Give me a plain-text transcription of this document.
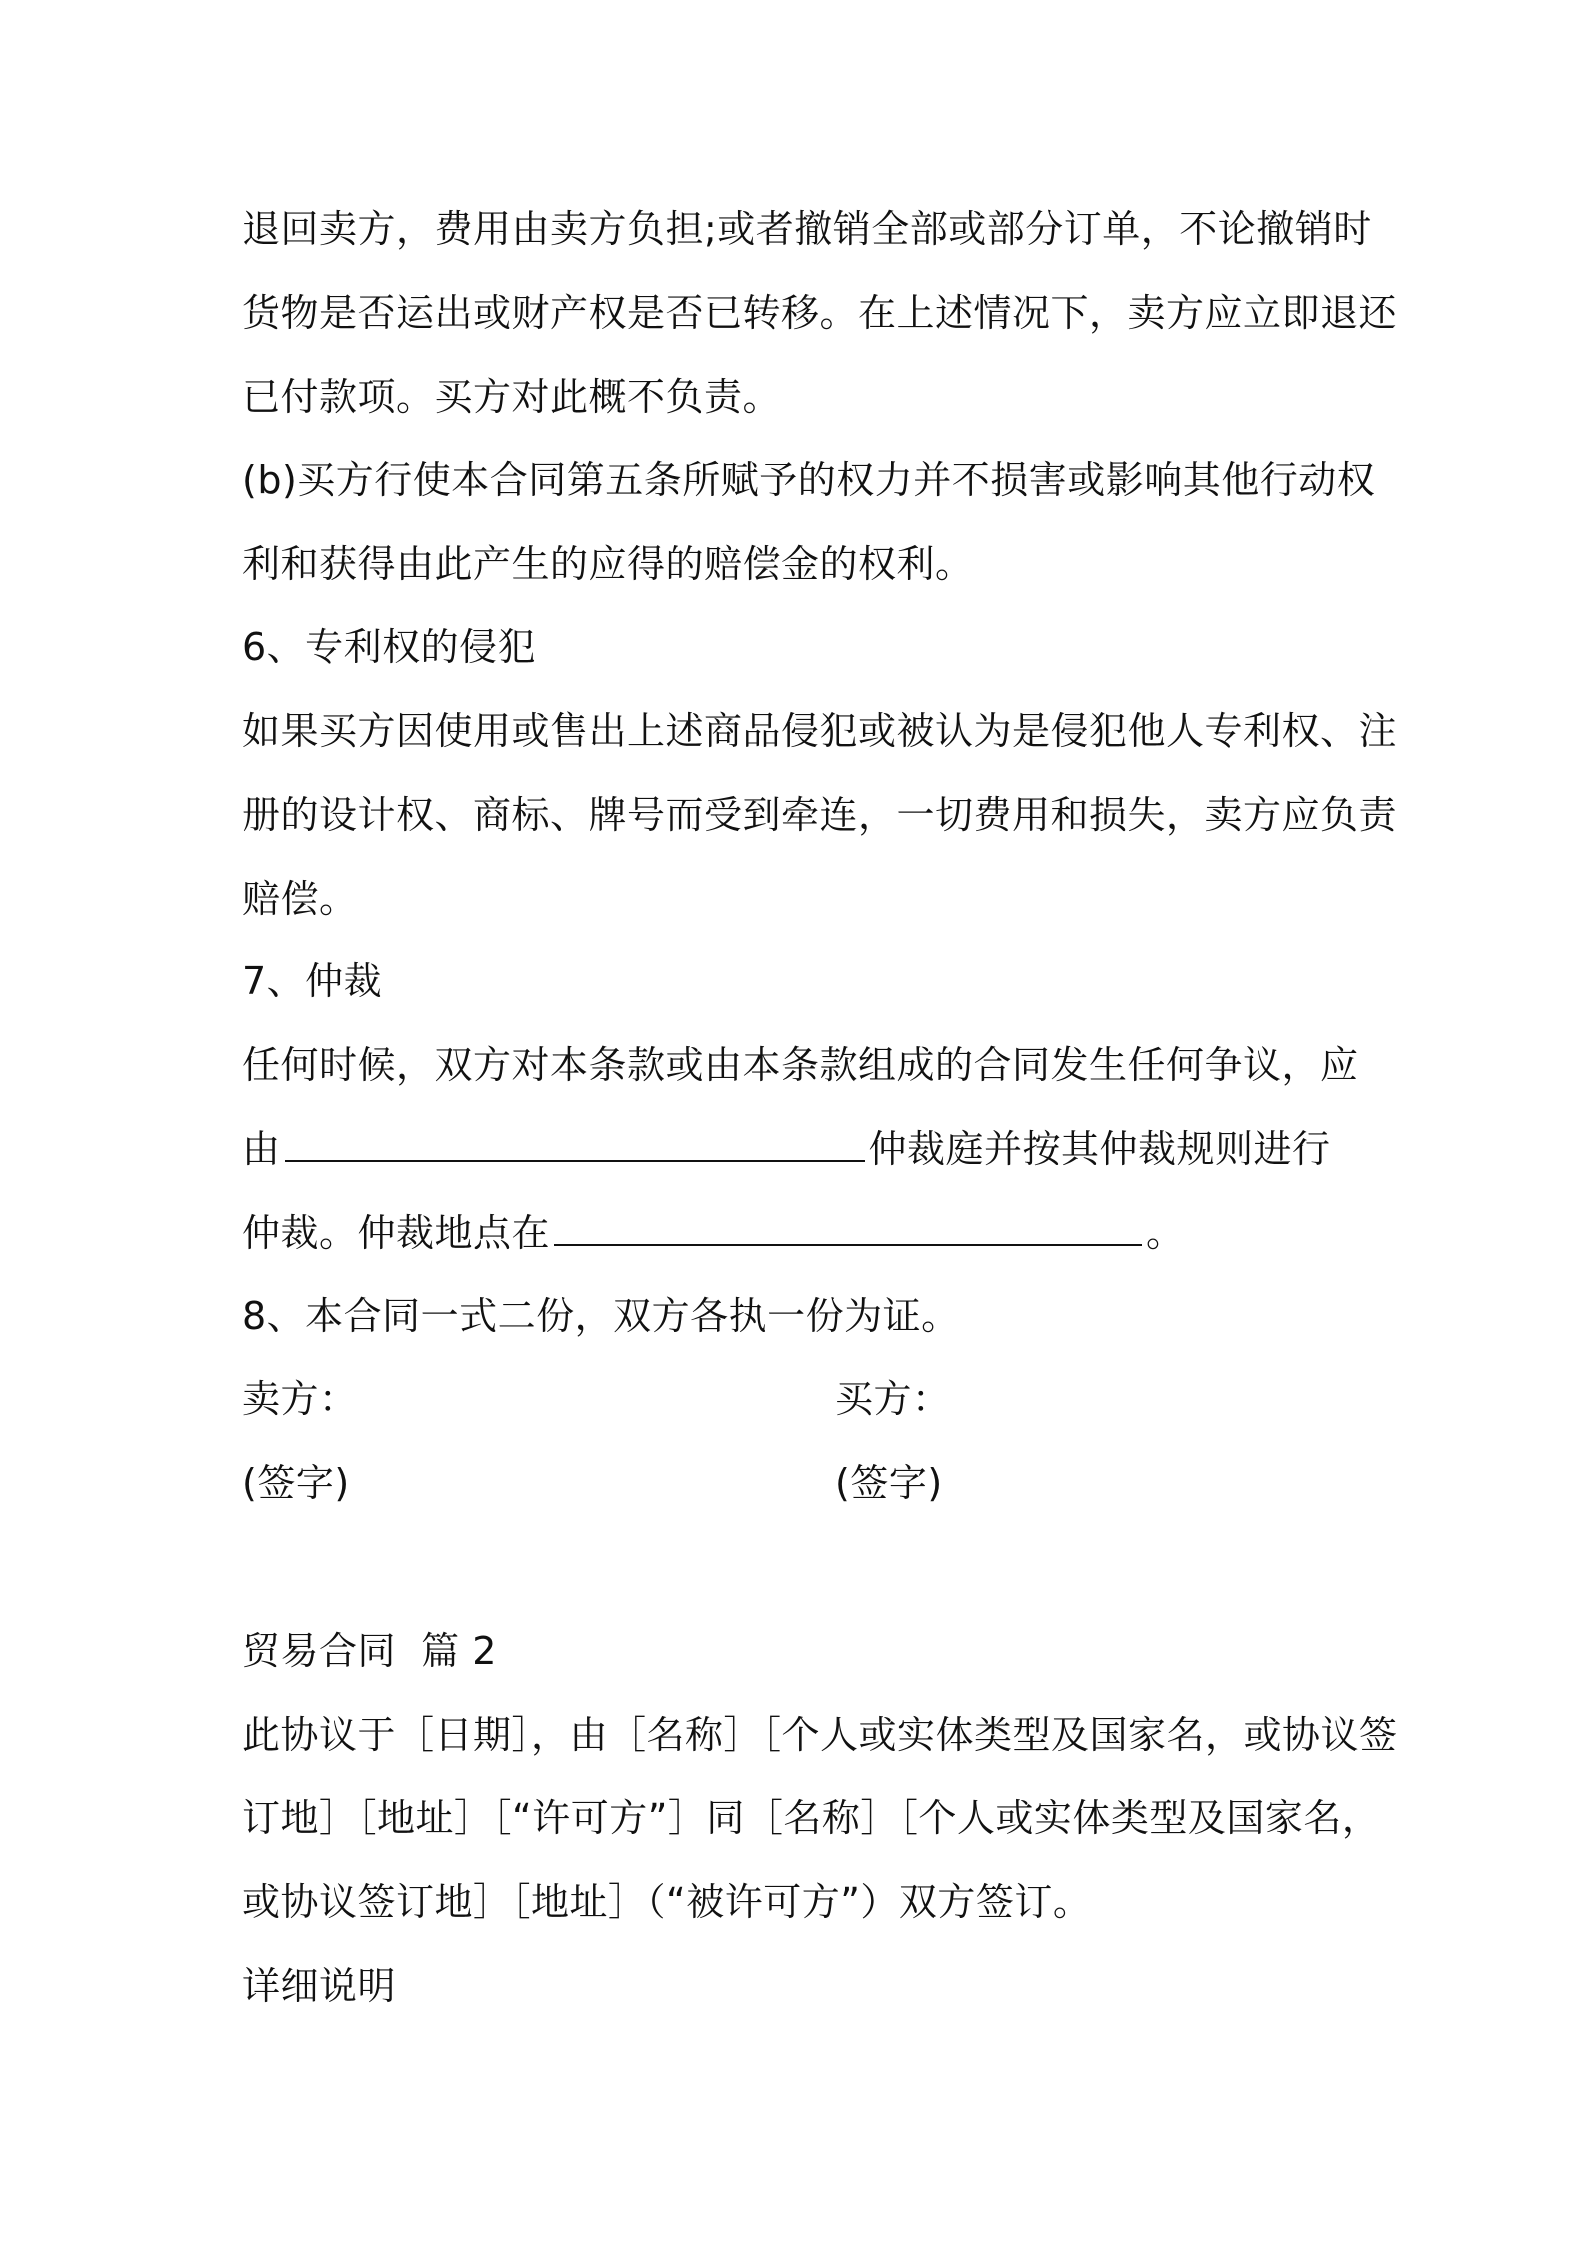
退回卖方，费用由卖方负担;或者撤销全部或部分订单，不论撤销时
货物是否运出或财产权是否已转移。在上述情况下，卖方应立即退还
已付款项。买方对此概不负责。
(b)买方行使本合同第五条所赋予的权力并不损害或影响其他行动权
利和获得由此产生的应得的赔偿金的权利。
6、专利权的侵犯
如果买方因使用或售出上述商品侵犯或被认为是侵犯他人专利权、注
册的设计权、商标、牌号而受到牵连，一切费用和损失，卖方应负责
赔偿。
7、仲裁
任何时候，双方对本条款或由本条款组成的合同发生任何争议，应
由	仲裁庭并按其仲裁规则进行
仲裁。仲裁地点在	。
8、本合同一式二份，双方各执一份为证。
卖方：	买方：
(签字)	(签字)
贸易合同  篇 2
此协议于［日期］，由［名称］［个人或实体类型及国家名，或协议签
订地］［地址］［“许可方”］同［名称］［个人或实体类型及国家名，
或协议签订地］［地址］（“被许可方”）双方签订。
详细说明
